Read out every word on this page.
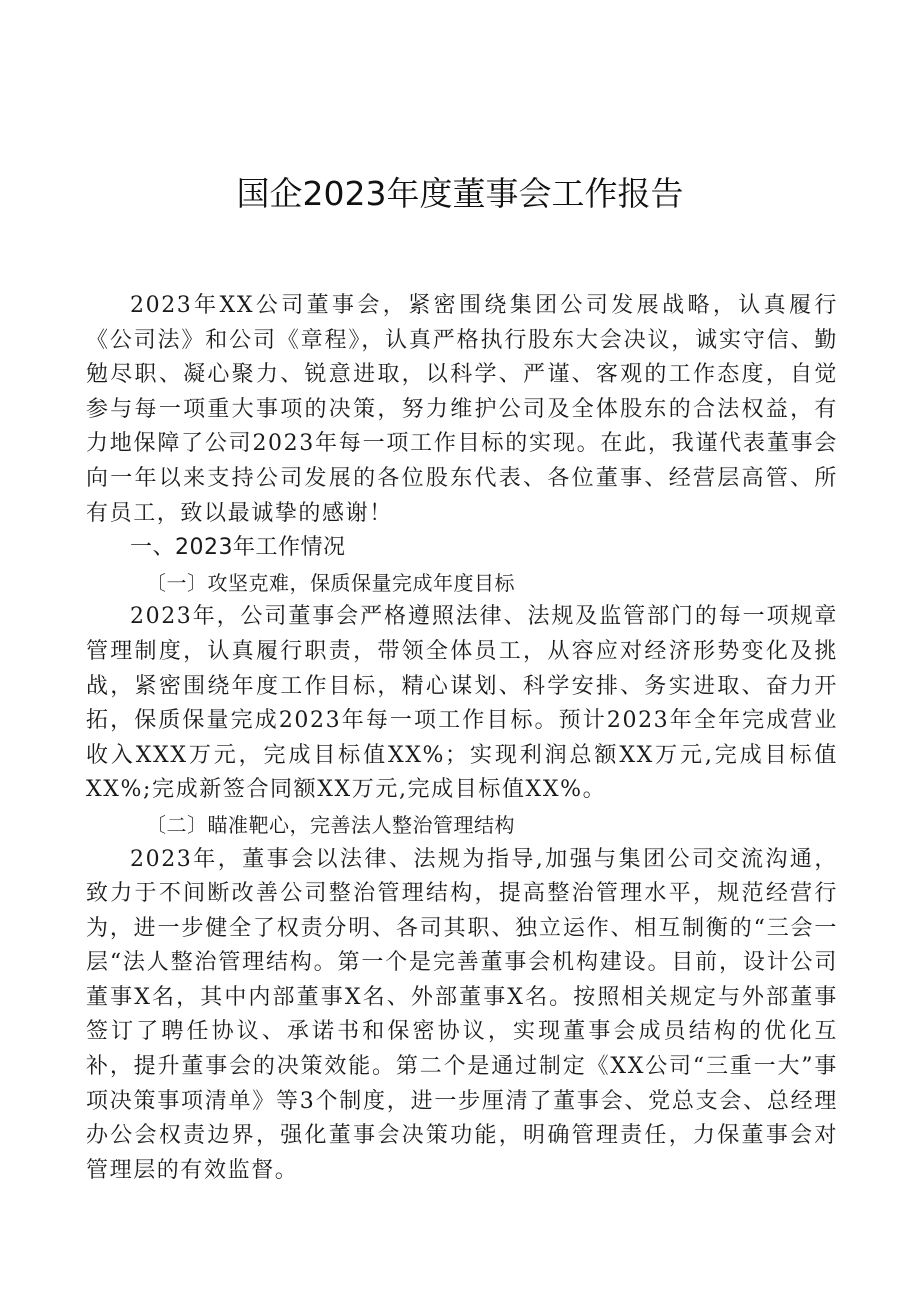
国企2023年度董事会工作报告

2023年XX公司董事会，紧密围绕集团公司发展战略，认真履行《公司法》和公司《章程》，认真严格执行股东大会决议，诚实守信、勤勉尽职、凝心聚力、锐意进取，以科学、严谨、客观的工作态度，自觉参与每一项重大事项的决策，努力维护公司及全体股东的合法权益，有力地保障了公司2023年每一项工作目标的实现。在此，我谨代表董事会向一年以来支持公司发展的各位股东代表、各位董事、经营层高管、所有员工，致以最诚挚的感谢！

一、2023年工作情况

〔一〕攻坚克难，保质保量完成年度目标

2023年，公司董事会严格遵照法律、法规及监管部门的每一项规章管理制度，认真履行职责，带领全体员工，从容应对经济形势变化及挑战，紧密围绕年度工作目标，精心谋划、科学安排、务实进取、奋力开拓，保质保量完成2023年每一项工作目标。预计2023年全年完成营业收入XXX万元，完成目标值XX%；实现利润总额XX万元,完成目标值XX%;完成新签合同额XX万元,完成目标值XX%。

〔二〕瞄准靶心，完善法人整治管理结构

2023年，董事会以法律、法规为指导,加强与集团公司交流沟通，致力于不间断改善公司整治管理结构，提高整治管理水平，规范经营行为，进一步健全了权责分明、各司其职、独立运作、相互制衡的“三会一层“法人整治管理结构。第一个是完善董事会机构建设。目前，设计公司董事X名，其中内部董事X名、外部董事X名。按照相关规定与外部董事签订了聘任协议、承诺书和保密协议，实现董事会成员结构的优化互补，提升董事会的决策效能。第二个是通过制定《XX公司“三重一大”事项决策事项清单》等3个制度，进一步厘清了董事会、党总支会、总经理办公会权责边界，强化董事会决策功能，明确管理责任，力保董事会对管理层的有效监督。
